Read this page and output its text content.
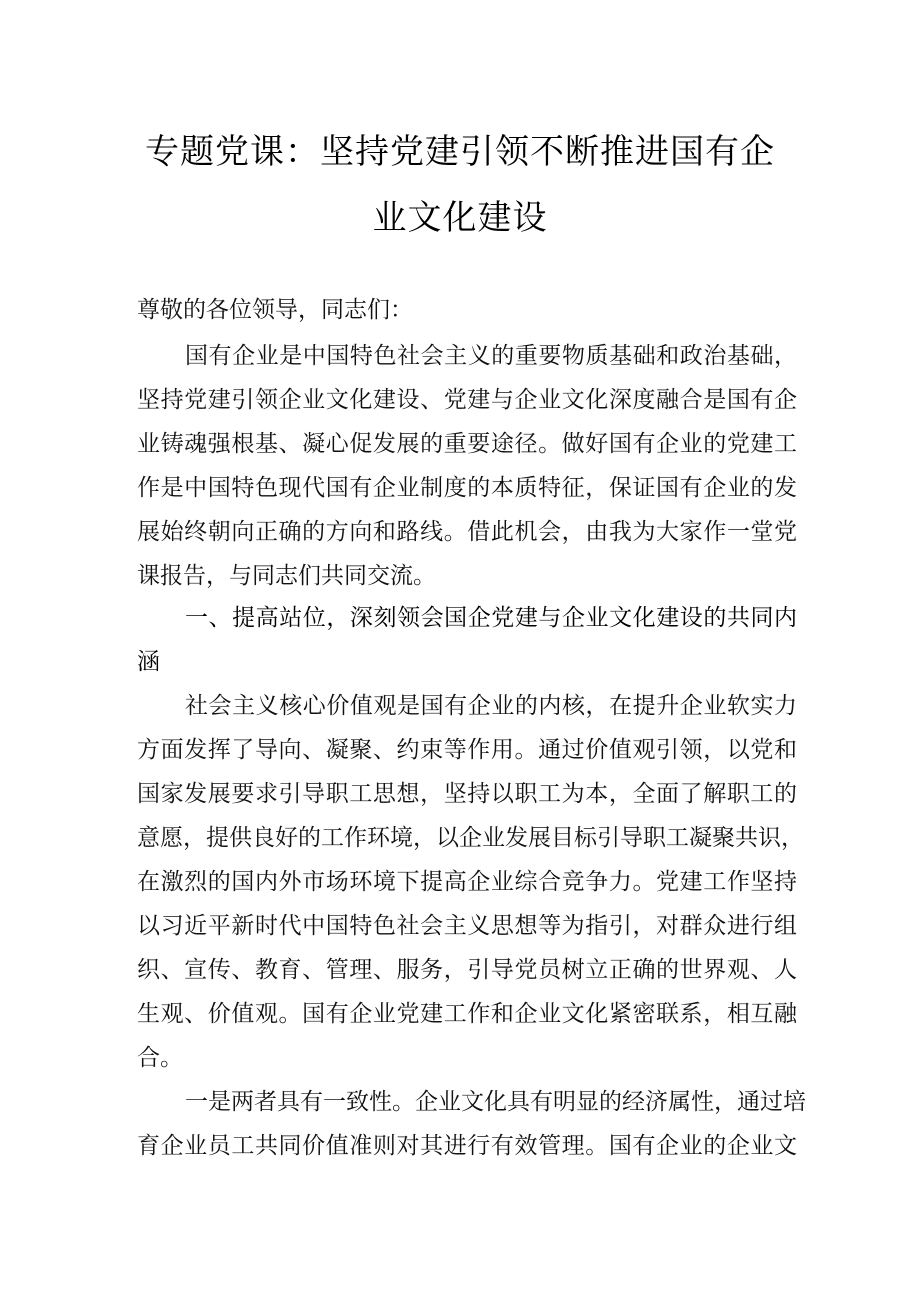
专题党课：坚持党建引领不断推进国有企
业文化建设
尊敬的各位领导，同志们：
国有企业是中国特色社会主义的重要物质基础和政治基础，
坚持党建引领企业文化建设、党建与企业文化深度融合是国有企
业铸魂强根基、凝心促发展的重要途径。做好国有企业的党建工
作是中国特色现代国有企业制度的本质特征，保证国有企业的发
展始终朝向正确的方向和路线。借此机会，由我为大家作一堂党
课报告，与同志们共同交流。
一、提高站位，深刻领会国企党建与企业文化建设的共同内
涵
社会主义核心价值观是国有企业的内核，在提升企业软实力
方面发挥了导向、凝聚、约束等作用。通过价值观引领，以党和
国家发展要求引导职工思想，坚持以职工为本，全面了解职工的
意愿，提供良好的工作环境，以企业发展目标引导职工凝聚共识，
在激烈的国内外市场环境下提高企业综合竞争力。党建工作坚持
以习近平新时代中国特色社会主义思想等为指引，对群众进行组
织、宣传、教育、管理、服务，引导党员树立正确的世界观、人
生观、价值观。国有企业党建工作和企业文化紧密联系，相互融
合。
一是两者具有一致性。企业文化具有明显的经济属性，通过培
育企业员工共同价值准则对其进行有效管理。国有企业的企业文
